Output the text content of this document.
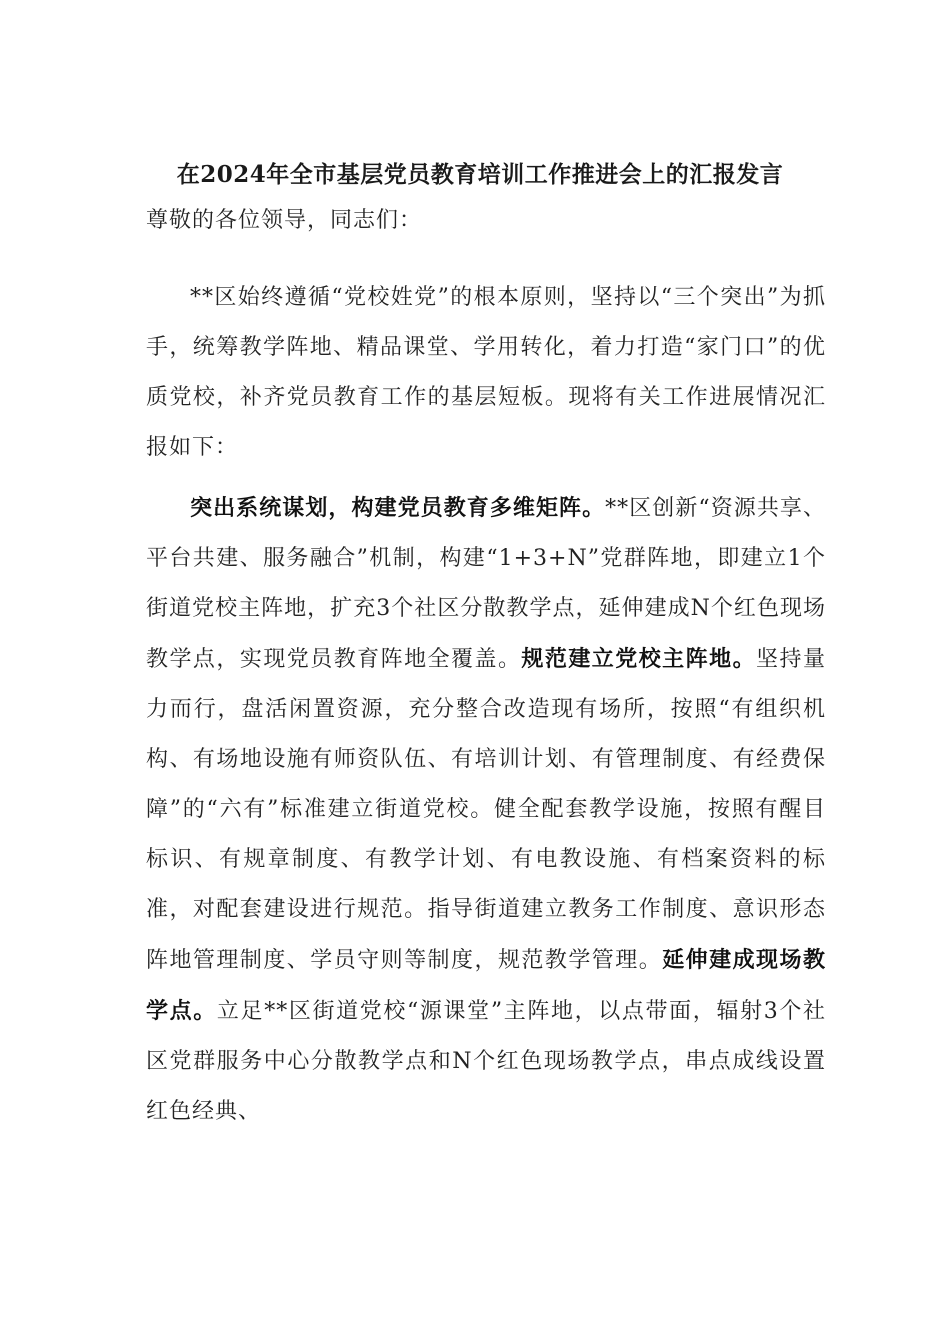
在2024年全市基层党员教育培训工作推进会上的汇报发言
尊敬的各位领导，同志们：
**区始终遵循“党校姓党”的根本原则，坚持以“三个突出”为抓手，统筹教学阵地、精品课堂、学用转化，着力打造“家门口”的优质党校，补齐党员教育工作的基层短板。现将有关工作进展情况汇报如下：
突出系统谋划，构建党员教育多维矩阵。**区创新“资源共享、平台共建、服务融合”机制，构建“1+3+N”党群阵地，即建立1个街道党校主阵地，扩充3个社区分散教学点，延伸建成N个红色现场教学点，实现党员教育阵地全覆盖。规范建立党校主阵地。坚持量力而行，盘活闲置资源，充分整合改造现有场所，按照“有组织机构、有场地设施有师资队伍、有培训计划、有管理制度、有经费保障”的“六有”标准建立街道党校。健全配套教学设施，按照有醒目标识、有规章制度、有教学计划、有电教设施、有档案资料的标准，对配套建设进行规范。指导街道建立教务工作制度、意识形态阵地管理制度、学员守则等制度，规范教学管理。延伸建成现场教学点。立足**区街道党校“源课堂”主阵地，以点带面，辐射3个社区党群服务中心分散教学点和N个红色现场教学点，串点成线设置红色经典、
